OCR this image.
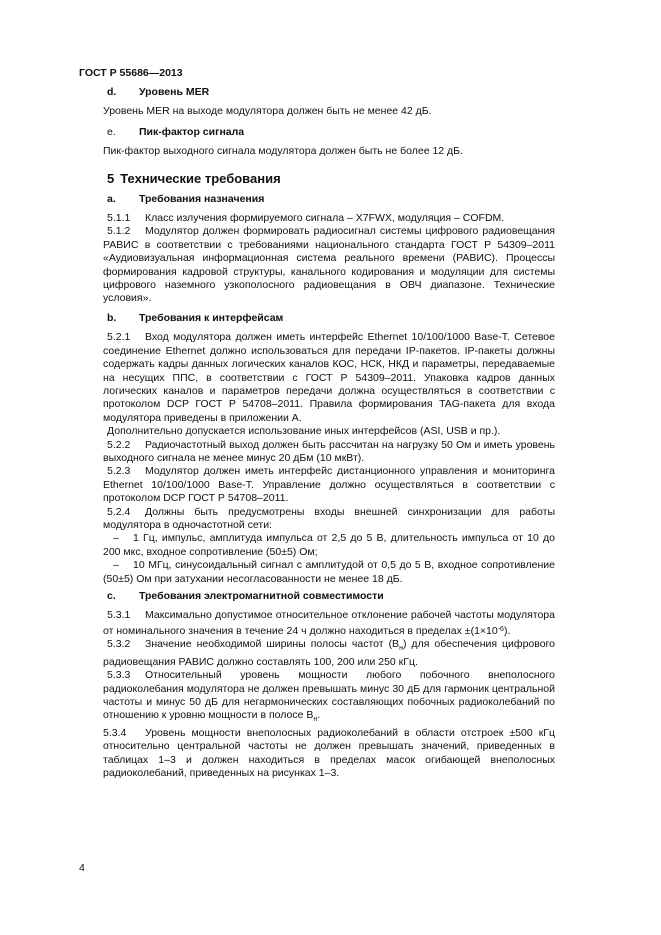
ГОСТ Р 55686—2013
d.	Уровень MER
Уровень MER на выходе модулятора должен быть не менее 42 дБ.
e.	Пик-фактор сигнала
Пик-фактор выходного сигнала модулятора должен быть не более 12 дБ.
5 Технические требования
a.	Требования назначения
5.1.1 Класс излучения формируемого сигнала – X7FWX, модуляция – COFDM.
5.1.2 Модулятор должен формировать радиосигнал системы цифрового радиовещания РАВИС в соответствии с требованиями национального стандарта ГОСТ Р 54309–2011 «Аудиовизуальная информационная система реального времени (РАВИС). Процессы формирования кадровой структуры, канального кодирования и модуляции для системы цифрового наземного узкополосного радиовещания в ОВЧ диапазоне. Технические условия».
b.	Требования к интерфейсам
5.2.1 Вход модулятора должен иметь интерфейс Ethernet 10/100/1000 Base-T. Сетевое соединение Ethernet должно использоваться для передачи IP-пакетов. IP-пакеты должны содержать кадры данных логических каналов КОС, НСК, НКД и параметры, передаваемые на несущих ППС, в соответствии с ГОСТ Р 54309–2011. Упаковка кадров данных логических каналов и параметров передачи должна осуществляться в соответствии с протоколом DCP ГОСТ Р 54708–2011. Правила формирования TAG-пакета для входа модулятора приведены в приложении А.
Дополнительно допускается использование иных интерфейсов (ASI, USB и пр.).
5.2.2 Радиочастотный выход должен быть рассчитан на нагрузку 50 Ом и иметь уровень выходного сигнала не менее минус 20 дБм (10 мкВт).
5.2.3 Модулятор должен иметь интерфейс дистанционного управления и мониторинга Ethernet 10/100/1000 Base-T. Управление должно осуществляться в соответствии с протоколом DCP ГОСТ Р 54708–2011.
5.2.4 Должны быть предусмотрены входы внешней синхронизации для работы модулятора в одночастотной сети:
– 1 Гц, импульс, амплитуда импульса от 2,5 до 5 В, длительность импульса от 10 до 200 мкс, входное сопротивление (50±5) Ом;
– 10 МГц, синусоидальный сигнал с амплитудой от 0,5 до 5 В, входное сопротивление (50±5) Ом при затухании несогласованности не менее 18 дБ.
c.	Требования электромагнитной совместимости
5.3.1 Максимально допустимое относительное отклонение рабочей частоты модулятора от номинального значения в течение 24 ч должно находиться в пределах $\pm(1\times 10^{-6})$.
5.3.2 Значение необходимой ширины полосы частот $(В_н)$ для обеспечения цифрового радиовещания РАВИС должно составлять 100, 200 или 250 кГц.
5.3.3 Относительный уровень мощности любого побочного внеполосного радиоколебания модулятора не должен превышать минус 30 дБ для гармоник центральной частоты и минус 50 дБ для негармонических составляющих побочных радиоколебаний по отношению к уровню мощности в полосе $В_н$.
5.3.4 Уровень мощности внеполосных радиоколебаний в области отстроек ±500 кГц относительно центральной частоты не должен превышать значений, приведенных в таблицах 1–3 и должен находиться в пределах масок огибающей внеполосных радиоколебаний, приведенных на рисунках 1–3.
4
